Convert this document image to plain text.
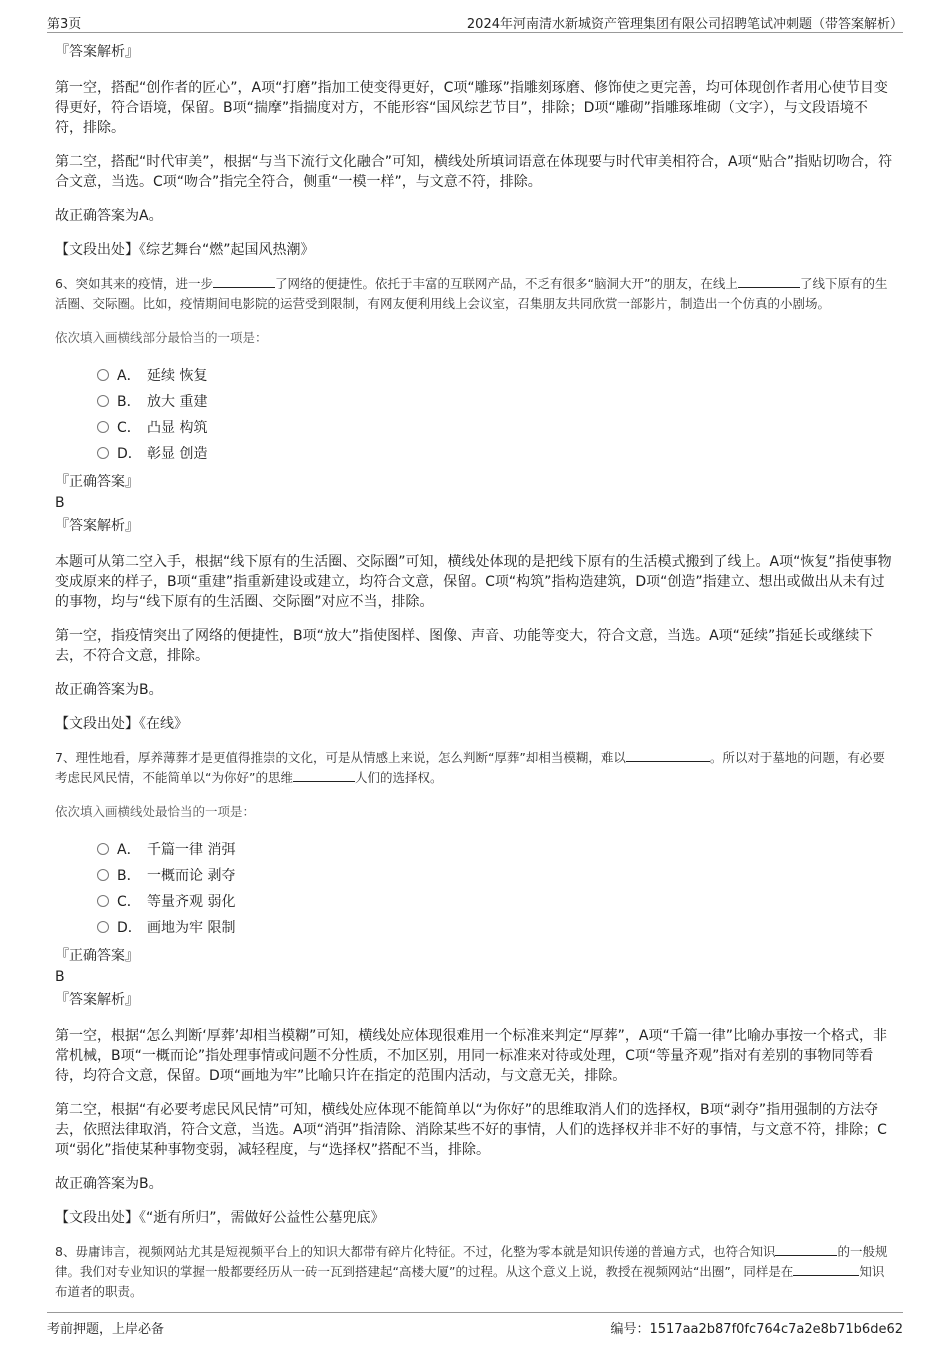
第3页	2024年河南清水新城资产管理集团有限公司招聘笔试冲刺题（带答案解析）

『答案解析』

第一空，搭配“创作者的匠心”，A项“打磨”指加工使变得更好，C项“雕琢”指雕刻琢磨、修饰使之更完善，均可体现创作者用心使节目变得更好，符合语境，保留。B项“揣摩”指揣度对方，不能形容“国风综艺节目”，排除；D项“雕砌”指雕琢堆砌（文字），与文段语境不符，排除。

第二空，搭配“时代审美”，根据“与当下流行文化融合”可知，横线处所填词语意在体现要与时代审美相符合，A项“贴合”指贴切吻合，符合文意，当选。C项“吻合”指完全符合，侧重“一模一样”，与文意不符，排除。

故正确答案为A。

【文段出处】《综艺舞台“燃”起国风热潮》

6、突如其来的疫情，进一步	了网络的便捷性。依托于丰富的互联网产品，不乏有很多“脑洞大开”的朋友，在线上	了线下原有的生活圈、交际圈。比如，疫情期间电影院的运营受到限制，有网友便利用线上会议室，召集朋友共同欣赏一部影片，制造出一个仿真的小剧场。

依次填入画横线部分最恰当的一项是：

A． 延续 恢复
B． 放大 重建
C． 凸显 构筑
D． 彰显 创造

『正确答案』

B

『答案解析』

本题可从第二空入手，根据“线下原有的生活圈、交际圈”可知，横线处体现的是把线下原有的生活模式搬到了线上。A项“恢复”指使事物变成原来的样子，B项“重建”指重新建设或建立，均符合文意，保留。C项“构筑”指构造建筑，D项“创造”指建立、想出或做出从未有过的事物，均与“线下原有的生活圈、交际圈”对应不当，排除。

第一空，指疫情突出了网络的便捷性，B项“放大”指使图样、图像、声音、功能等变大，符合文意，当选。A项“延续”指延长或继续下去，不符合文意，排除。

故正确答案为B。

【文段出处】《在线》

7、理性地看，厚养薄葬才是更值得推崇的文化，可是从情感上来说，怎么判断“厚葬”却相当模糊，难以	。所以对于墓地的问题，有必要考虑民风民情，不能简单以“为你好”的思维	人们的选择权。

依次填入画横线处最恰当的一项是：

A． 千篇一律 消弭
B． 一概而论 剥夺
C． 等量齐观 弱化
D． 画地为牢 限制

『正确答案』

B

『答案解析』

第一空，根据“怎么判断‘厚葬’却相当模糊”可知，横线处应体现很难用一个标准来判定“厚葬”，A项“千篇一律”比喻办事按一个格式，非常机械，B项“一概而论”指处理事情或问题不分性质，不加区别，用同一标准来对待或处理，C项“等量齐观”指对有差别的事物同等看待，均符合文意，保留。D项“画地为牢”比喻只许在指定的范围内活动，与文意无关，排除。

第二空，根据“有必要考虑民风民情”可知，横线处应体现不能简单以“为你好”的思维取消人们的选择权，B项“剥夺”指用强制的方法夺去，依照法律取消，符合文意，当选。A项“消弭”指清除、消除某些不好的事情，人们的选择权并非不好的事情，与文意不符，排除；C项“弱化”指使某种事物变弱，减轻程度，与“选择权”搭配不当，排除。

故正确答案为B。

【文段出处】《“逝有所归”，需做好公益性公墓兜底》

8、毋庸讳言，视频网站尤其是短视频平台上的知识大都带有碎片化特征。不过，化整为零本就是知识传递的普遍方式，也符合知识	的一般规律。我们对专业知识的掌握一般都要经历从一砖一瓦到搭建起“高楼大厦”的过程。从这个意义上说，教授在视频网站“出圈”，同样是在	知识布道者的职责。

考前押题，上岸必备	编号：1517aa2b87f0fc764c7a2e8b71b6de62
